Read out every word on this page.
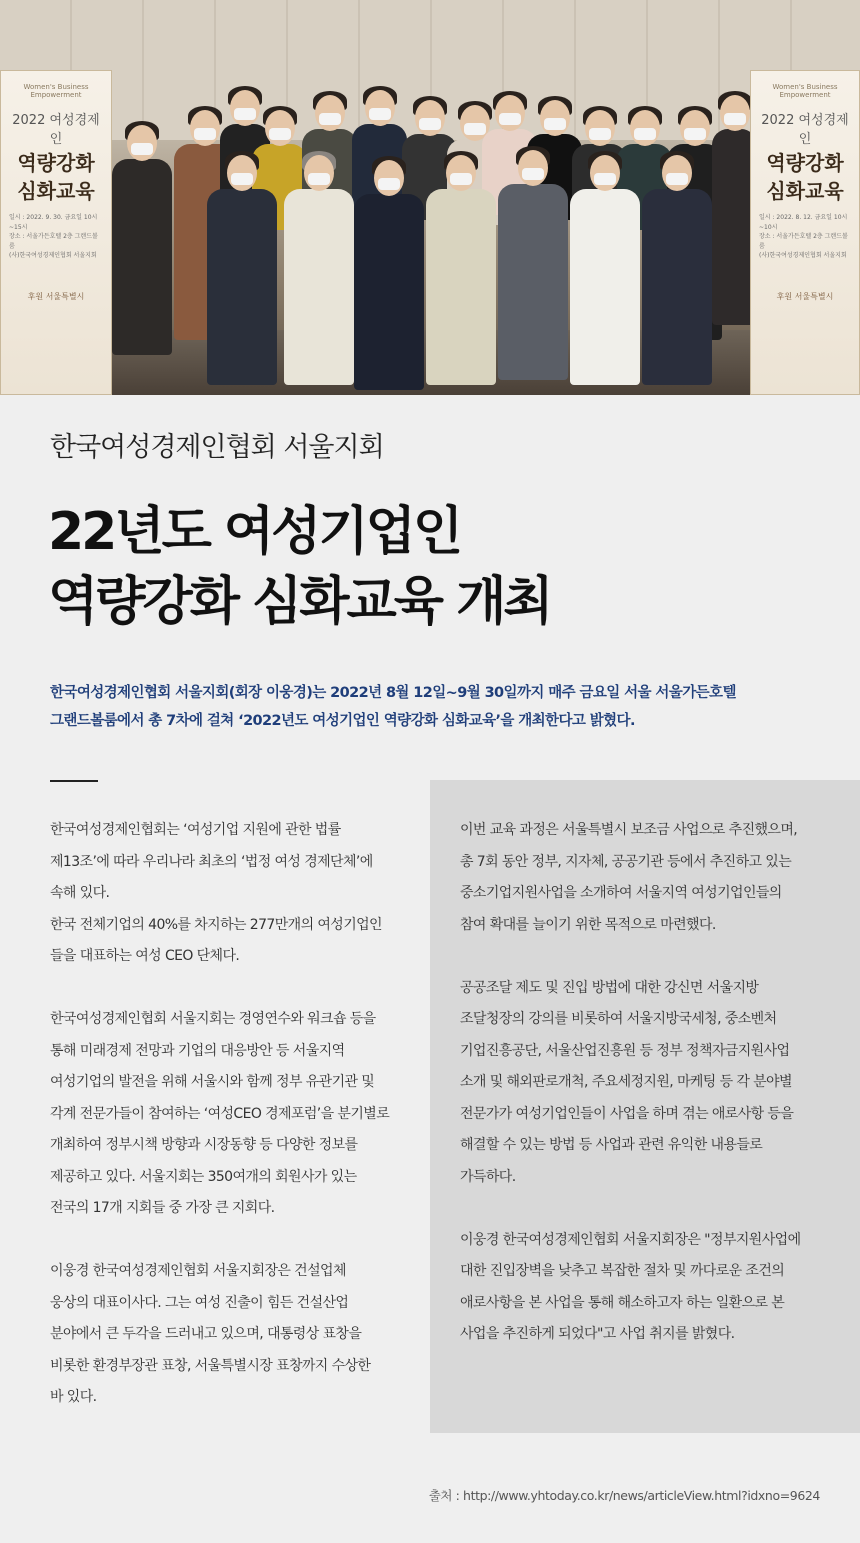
Women's Business Empowerment
2022 여성경제인
역량강화
심화교육
일시 : 2022. 9. 30. 금요일 10시~15시
장소 : 서울가든호텔 2층 그랜드볼룸
(사)한국여성경제인협회 서울지회
후원 서울특별시
Women's Business Empowerment
2022 여성경제인
역량강화
심화교육
일시 : 2022. 8. 12. 금요일 10시~10시
장소 : 서울가든호텔 2층 그랜드볼룸
(사)한국여성경제인협회 서울지회
후원 서울특별시
한국여성경제인협회 서울지회
22년도 여성기업인
역량강화 심화교육 개최
한국여성경제인협회 서울지회(회장 이웅경)는 2022년 8월 12일~9월 30일까지 매주 금요일 서울 서울가든호텔
그랜드볼룸에서 총 7차에 걸쳐 ‘2022년도 여성기업인 역량강화 심화교육’을 개최한다고 밝혔다.

한국여성경제인협회는 ‘여성기업 지원에 관한 법률
제13조’에 따라 우리나라 최초의 ‘법정 여성 경제단체’에
속해 있다.
한국 전체기업의 40%를 차지하는 277만개의 여성기업인
들을 대표하는 여성 CEO 단체다.

한국여성경제인협회 서울지회는 경영연수와 워크숍 등을
통해 미래경제 전망과 기업의 대응방안 등 서울지역
여성기업의 발전을 위해 서울시와 함께 정부 유관기관 및
각계 전문가들이 참여하는 ‘여성CEO 경제포럼’을 분기별로
개최하여 정부시책 방향과 시장동향 등 다양한 정보를
제공하고 있다. 서울지회는 350여개의 회원사가 있는
전국의 17개 지회들 중 가장 큰 지회다.

이웅경 한국여성경제인협회 서울지회장은 건설업체
웅상의 대표이사다. 그는 여성 진출이 힘든 건설산업
분야에서 큰 두각을 드러내고 있으며, 대통령상 표창을
비롯한 환경부장관 표창, 서울특별시장 표창까지 수상한
바 있다.

이번 교육 과정은 서울특별시 보조금 사업으로 추진했으며,
총 7회 동안 정부, 지자체, 공공기관 등에서 추진하고 있는
중소기업지원사업을 소개하여 서울지역 여성기업인들의
참여 확대를 늘이기 위한 목적으로 마련했다.

공공조달 제도 및 진입 방법에 대한 강신면 서울지방
조달청장의 강의를 비롯하여 서울지방국세청, 중소벤처
기업진흥공단, 서울산업진흥원 등 정부 정책자금지원사업
소개 및 해외판로개척, 주요세정지원, 마케팅 등 각 분야별
전문가가 여성기업인들이 사업을 하며 겪는 애로사항 등을
해결할 수 있는 방법 등 사업과 관련 유익한 내용들로
가득하다.

이웅경 한국여성경제인협회 서울지회장은 "정부지원사업에
대한 진입장벽을 낮추고 복잡한 절차 및 까다로운 조건의
애로사항을 본 사업을 통해 해소하고자 하는 일환으로 본
사업을 추진하게 되었다"고 사업 취지를 밝혔다.

출처 : http://www.yhtoday.co.kr/news/articleView.html?idxno=9624
